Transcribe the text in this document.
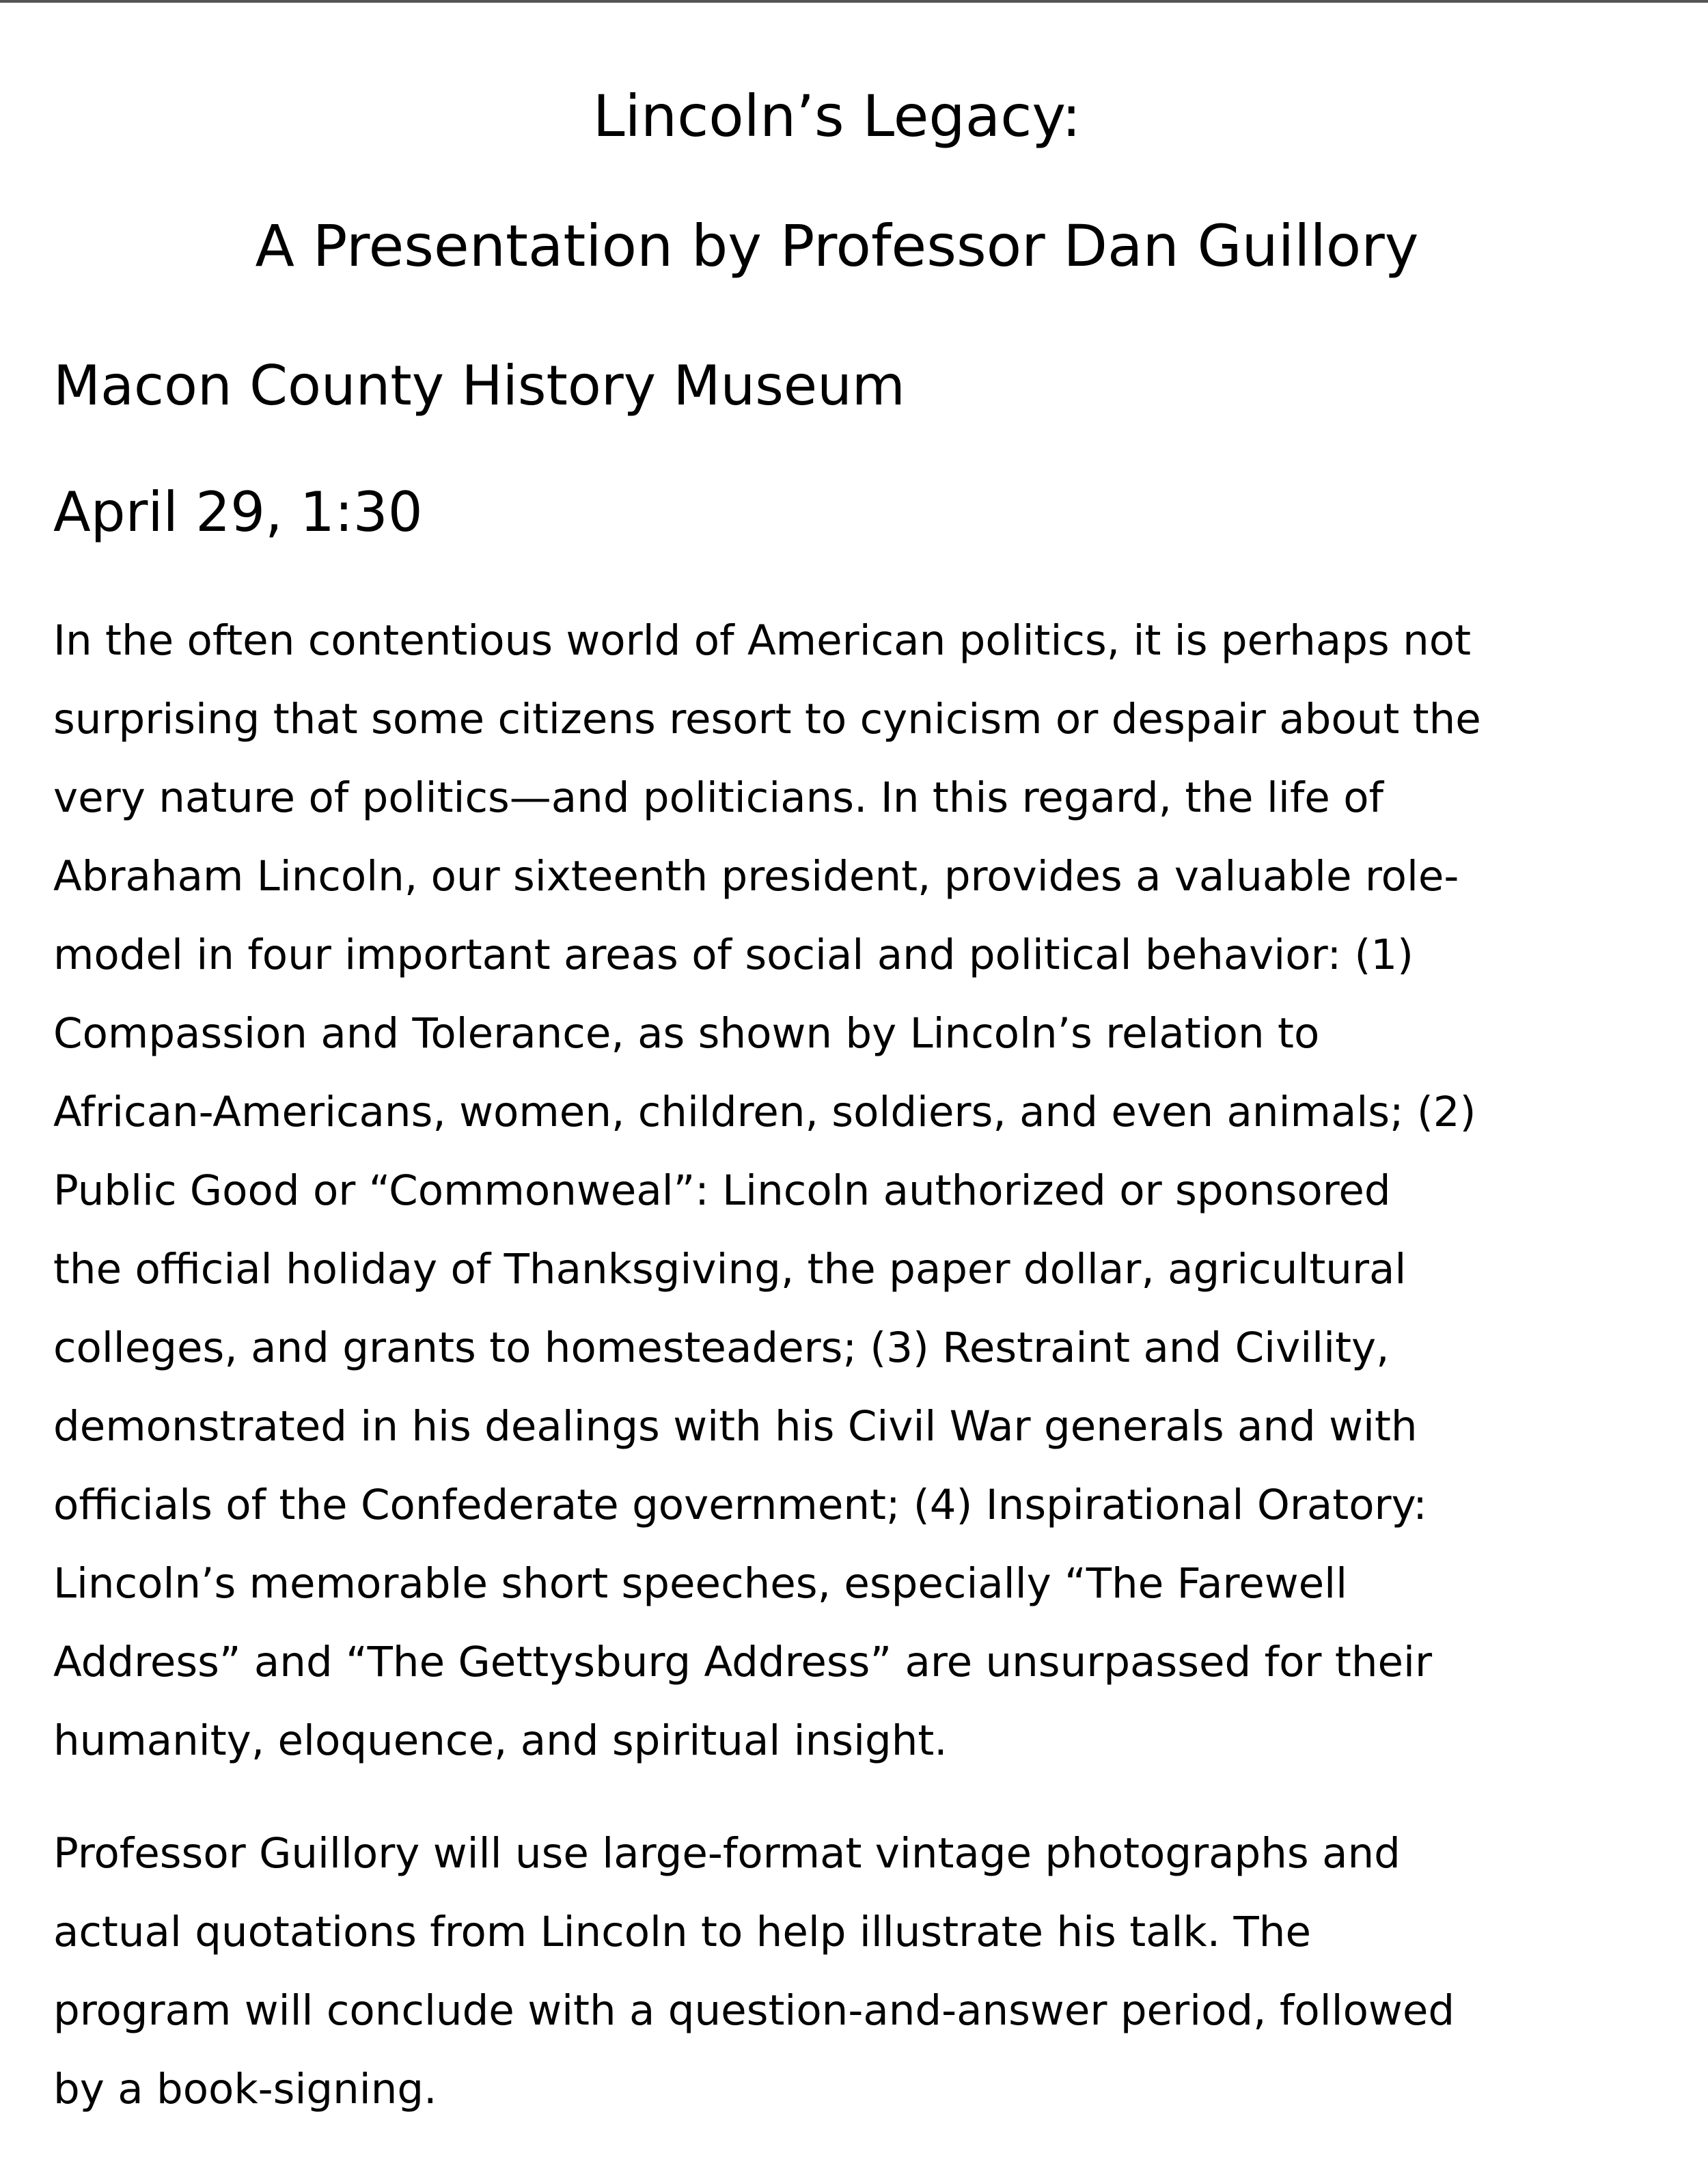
Lincoln’s Legacy:
A Presentation by Professor Dan Guillory
Macon County History Museum
April 29, 1:30
In the often contentious world of American politics, it is perhaps not
surprising that some citizens resort to cynicism or despair about the
very nature of politics—and politicians. In this regard, the life of
Abraham Lincoln, our sixteenth president, provides a valuable role-
model in four important areas of social and political behavior: (1)
Compassion and Tolerance, as shown by Lincoln’s relation to
African-Americans, women, children, soldiers, and even animals; (2)
Public Good or “Commonweal”: Lincoln authorized or sponsored
the official holiday of Thanksgiving, the paper dollar, agricultural
colleges, and grants to homesteaders; (3) Restraint and Civility,
demonstrated in his dealings with his Civil War generals and with
officials of the Confederate government; (4) Inspirational Oratory:
Lincoln’s memorable short speeches, especially “The Farewell
Address” and “The Gettysburg Address” are unsurpassed for their
humanity, eloquence, and spiritual insight.
Professor Guillory will use large-format vintage photographs and
actual quotations from Lincoln to help illustrate his talk. The
program will conclude with a question-and-answer period, followed
by a book-signing.
